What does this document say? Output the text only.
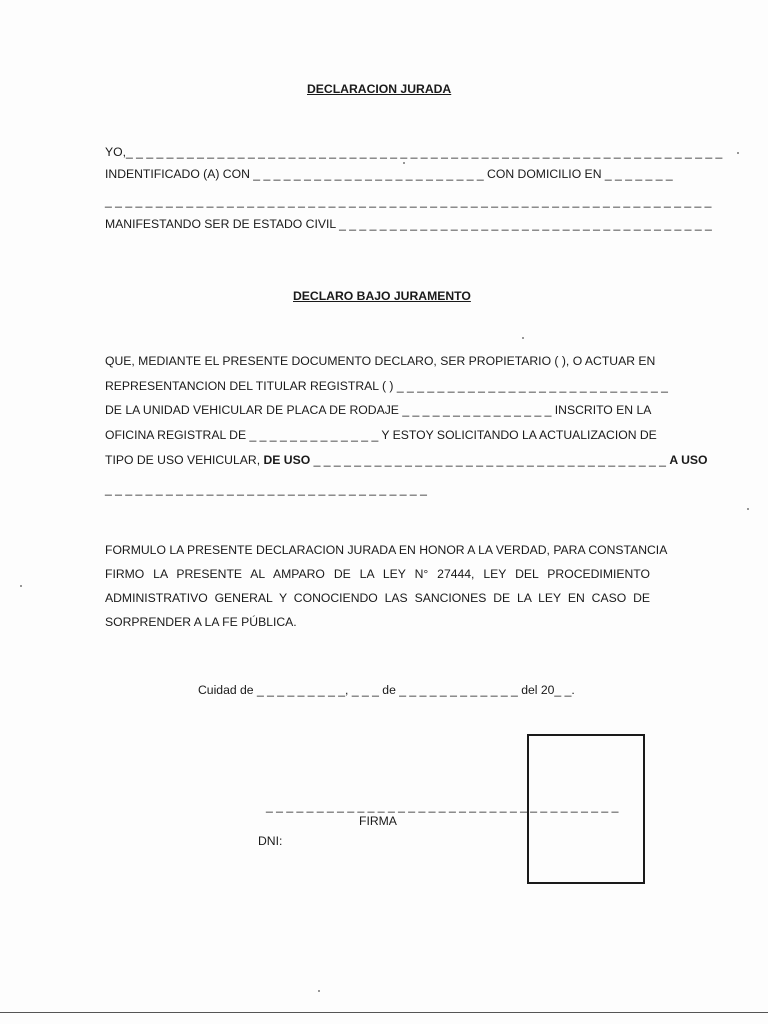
DECLARACION JURADA
YO,_ _ _ _ _ _ _ _ _ _ _ _ _ _ _ _ _ _ _ _ _ _ _ _ _ _ _ _ _ _ _ _ _ _ _ _ _ _ _ _ _ _ _ _ _ _ _ _ _ _ _ _ _ _ _ _ _ _ _
INDENTIFICADO (A) CON _ _ _ _ _ _ _ _ _ _ _ _ _ _ _ _ _ _ _ _ _ _ _ CON DOMICILIO EN _ _ _ _ _ _ _
_ _ _ _ _ _ _ _ _ _ _ _ _ _ _ _ _ _ _ _ _ _ _ _ _ _ _ _ _ _ _ _ _ _ _ _ _ _ _ _ _ _ _ _ _ _ _ _ _ _ _ _ _ _ _ _ _ _ _ _
MANIFESTANDO SER DE ESTADO CIVIL _ _ _ _ _ _ _ _ _ _ _ _ _ _ _ _ _ _ _ _ _ _ _ _ _ _ _ _ _ _ _ _ _ _ _ _ _
DECLARO BAJO JURAMENTO
QUE, MEDIANTE EL PRESENTE DOCUMENTO DECLARO, SER PROPIETARIO ( ), O ACTUAR EN
REPRESENTANCION DEL TITULAR REGISTRAL ( ) _ _ _ _ _ _ _ _ _ _ _ _ _ _ _ _ _ _ _ _ _ _ _ _ _ _ _
DE LA UNIDAD VEHICULAR DE PLACA DE RODAJE _ _ _ _ _ _ _ _ _ _ _ _ _ _ _ INSCRITO EN LA
OFICINA REGISTRAL DE _ _ _ _ _ _ _ _ _ _ _ _ _ Y ESTOY SOLICITANDO LA ACTUALIZACION DE
TIPO DE USO VEHICULAR, DE USO _ _ _ _ _ _ _ _ _ _ _ _ _ _ _ _ _ _ _ _ _ _ _ _ _ _ _ _ _ _ _ _ _ _ _ A USO
_ _ _ _ _ _ _ _ _ _ _ _ _ _ _ _ _ _ _ _ _ _ _ _ _ _ _ _ _ _ _ _
FORMULO LA PRESENTE DECLARACION JURADA EN HONOR A LA VERDAD, PARA CONSTANCIA
FIRMO LA PRESENTE AL AMPARO DE LA LEY N° 27444, LEY DEL PROCEDIMIENTO
ADMINISTRATIVO GENERAL Y CONOCIENDO LAS SANCIONES DE LA LEY EN CASO DE
SORPRENDER A LA FE PÚBLICA.
Cuidad de _ _ _ _ _ _ _ _ _, _ _ _ de _ _ _ _ _ _ _ _ _ _ _ _ del 20_ _.
_ _ _ _ _ _ _ _ _ _ _ _ _ _ _ _ _ _ _ _ _ _ _ _ _ _ _ _ _ _ _ _ _ _ _
FIRMA
DNI:
